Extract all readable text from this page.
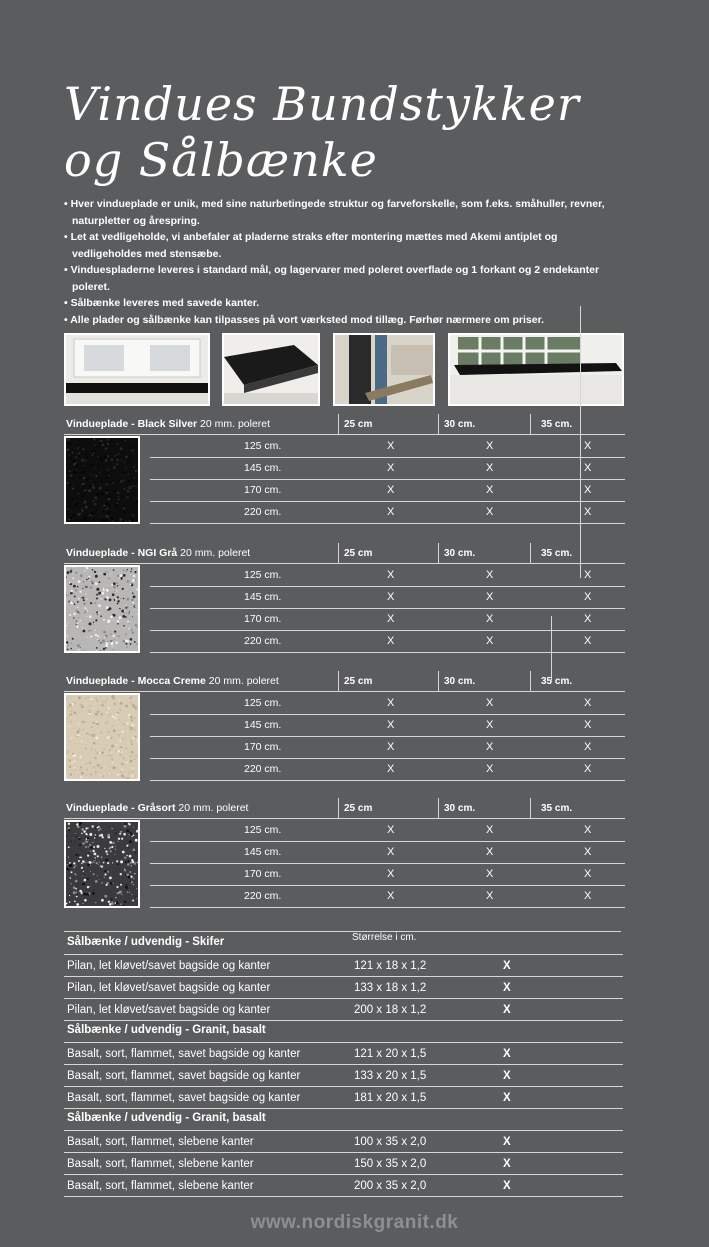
Vindues Bundstykker
og Sålbænke
• Hver vindueplade er unik, med sine naturbetingede struktur og farveforskelle, som f.eks. småhuller, revner, naturpletter og årespring.
• Let at vedligeholde, vi anbefaler at pladerne straks efter montering mættes med Akemi antiplet og vedligeholdes med stensæbe.
• Vinduespladerne leveres i standard mål, og lagervarer med poleret overflade og 1 forkant og 2 endekanter poleret.
• Sålbænke leveres med savede kanter.
• Alle plader og sålbænke kan tilpasses på vort værksted mod tillæg. Førhør nærmere om priser.
Vindueplade - Black Silver 20 mm. poleret	25 cm	30 cm.	35 cm.
125 cm.	X	X	X
145 cm.	X	X	X
170 cm.	X	X	X
220 cm.	X	X	X
Vindueplade - NGI Grå 20 mm. poleret	25 cm	30 cm.	35 cm.
125 cm.	X	X	X
145 cm.	X	X	X
170 cm.	X	X	X
220 cm.	X	X	X
Vindueplade - Mocca Creme 20 mm. poleret	25 cm	30 cm.	35 cm.
125 cm.	X	X	X
145 cm.	X	X	X
170 cm.	X	X	X
220 cm.	X	X	X
Vindueplade - Gråsort 20 mm. poleret	25 cm	30 cm.	35 cm.
125 cm.	X	X	X
145 cm.	X	X	X
170 cm.	X	X	X
220 cm.	X	X	X
Størrelse i cm.
Sålbænke / udvendig - Skifer
Pilan, let kløvet/savet bagside og kanter	121 x 18 x 1,2	X
Pilan, let kløvet/savet bagside og kanter	133 x 18 x 1,2	X
Pilan, let kløvet/savet bagside og kanter	200 x 18 x 1,2	X
Sålbænke / udvendig - Granit, basalt
Basalt, sort, flammet, savet bagside og kanter	121 x 20 x 1,5	X
Basalt, sort, flammet, savet bagside og kanter	133 x 20 x 1,5	X
Basalt, sort, flammet, savet bagside og kanter	181 x 20 x 1,5	X
Sålbænke / udvendig - Granit, basalt
Basalt, sort, flammet, slebene kanter	100 x 35 x 2,0	X
Basalt, sort, flammet, slebene kanter	150 x 35 x 2,0	X
Basalt, sort, flammet, slebene kanter	200 x 35 x 2,0	X
www.nordiskgranit.dk
